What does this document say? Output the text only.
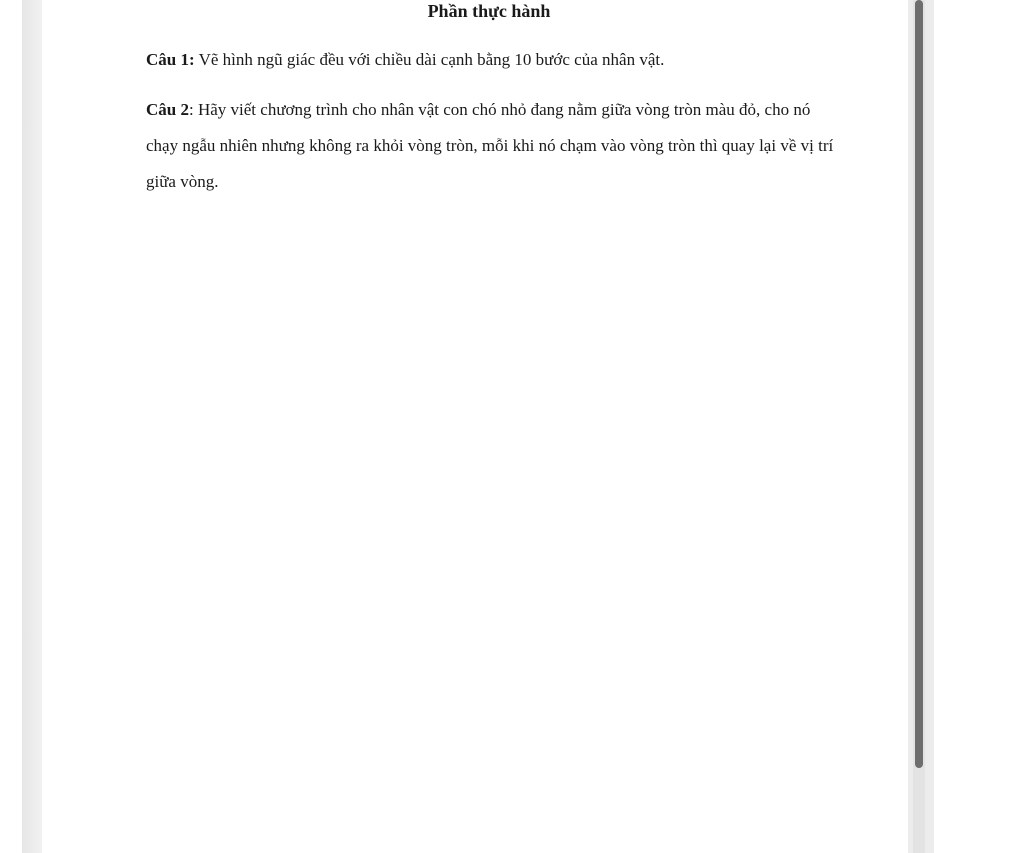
Phần thực hành

Câu 1: Vẽ hình ngũ giác đều với chiều dài cạnh bằng 10 bước của nhân vật.

Câu 2: Hãy viết chương trình cho nhân vật con chó nhỏ đang nằm giữa vòng tròn màu đỏ, cho nó chạy ngẫu nhiên nhưng không ra khỏi vòng tròn, mỗi khi nó chạm vào vòng tròn thì quay lại về vị trí giữa vòng.
